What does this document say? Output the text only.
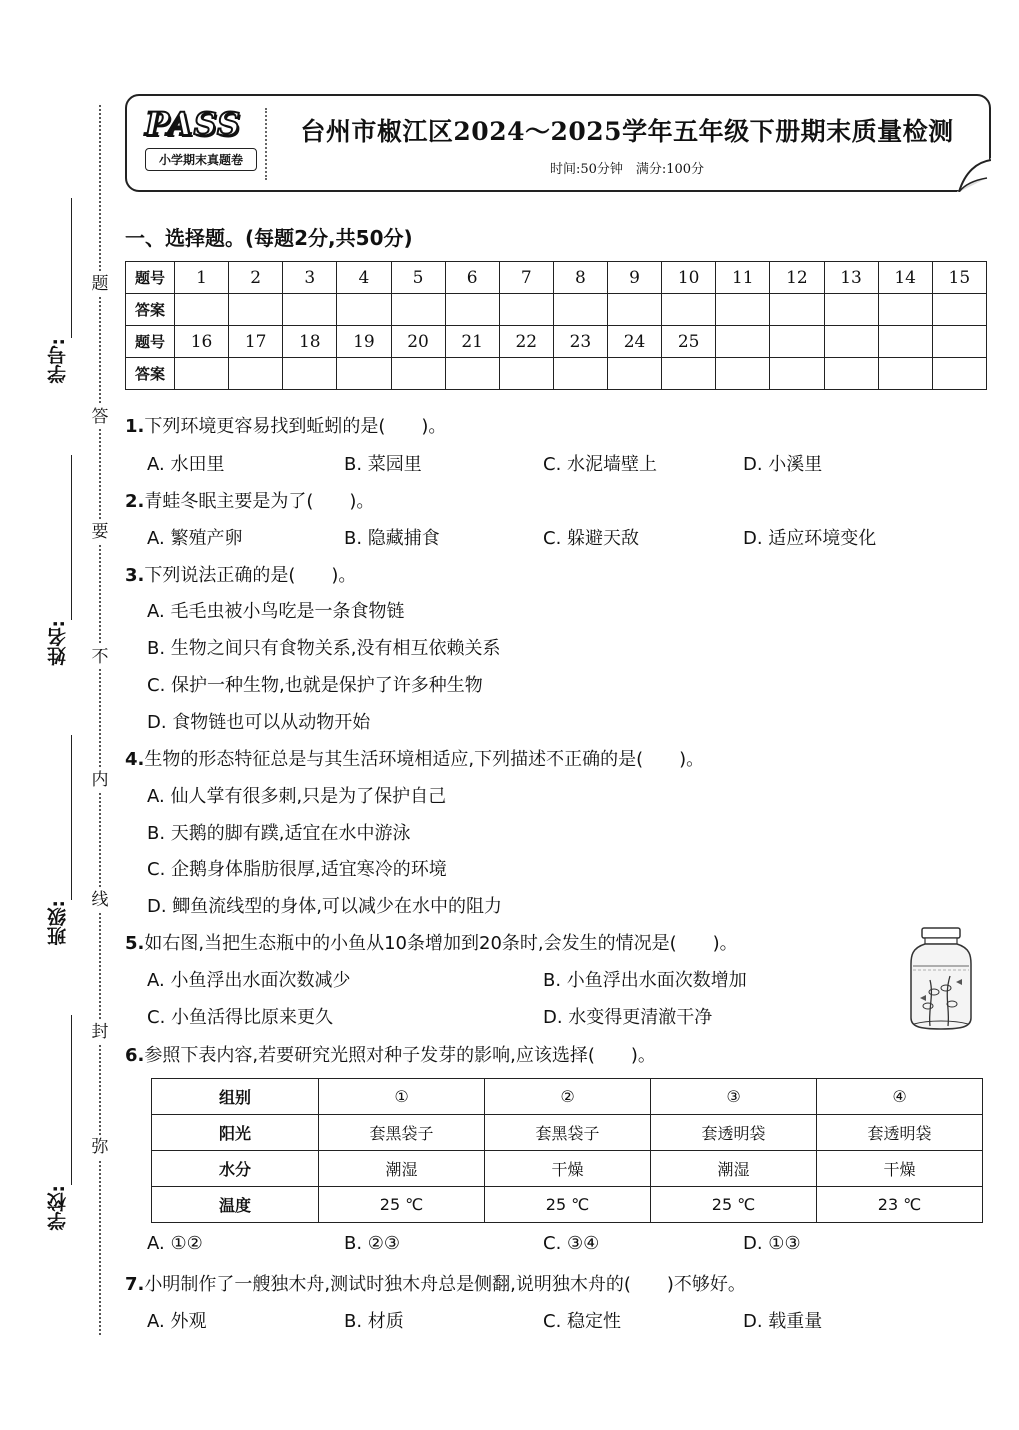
题
答
要
不
内
线
封
弥
学号:
姓名:
班级:
学校:
PASS
小学期末真题卷
台州市椒江区2024～2025学年五年级下册期末质量检测
时间:50分钟　满分:100分
一、选择题。(每题2分,共50分)
题号	1	2	3	4	5	6	7	8	9	10	11	12	13	14	15
答案															
题号	16	17	18	19	20	21	22	23	24	25					
答案															
1.下列环境更容易找到蚯蚓的是(　　)。
A. 水田里	B. 菜园里	C. 水泥墙壁上	D. 小溪里
2.青蛙冬眠主要是为了(　　)。
A. 繁殖产卵	B. 隐藏捕食	C. 躲避天敌	D. 适应环境变化
3.下列说法正确的是(　　)。
A. 毛毛虫被小鸟吃是一条食物链
B. 生物之间只有食物关系,没有相互依赖关系
C. 保护一种生物,也就是保护了许多种生物
D. 食物链也可以从动物开始
4.生物的形态特征总是与其生活环境相适应,下列描述不正确的是(　　)。
A. 仙人掌有很多刺,只是为了保护自己
B. 天鹅的脚有蹼,适宜在水中游泳
C. 企鹅身体脂肪很厚,适宜寒冷的环境
D. 鲫鱼流线型的身体,可以减少在水中的阻力
5.如右图,当把生态瓶中的小鱼从10条增加到20条时,会发生的情况是(　　)。
A. 小鱼浮出水面次数减少	B. 小鱼浮出水面次数增加
C. 小鱼活得比原来更久	D. 水变得更清澈干净
6.参照下表内容,若要研究光照对种子发芽的影响,应该选择(　　)。
组别	①	②	③	④
阳光	套黑袋子	套黑袋子	套透明袋	套透明袋
水分	潮湿	干燥	潮湿	干燥
温度	25 ℃	25 ℃	25 ℃	23 ℃
A. ①②	B. ②③	C. ③④	D. ①③
7.小明制作了一艘独木舟,测试时独木舟总是侧翻,说明独木舟的(　　)不够好。
A. 外观	B. 材质	C. 稳定性	D. 载重量
